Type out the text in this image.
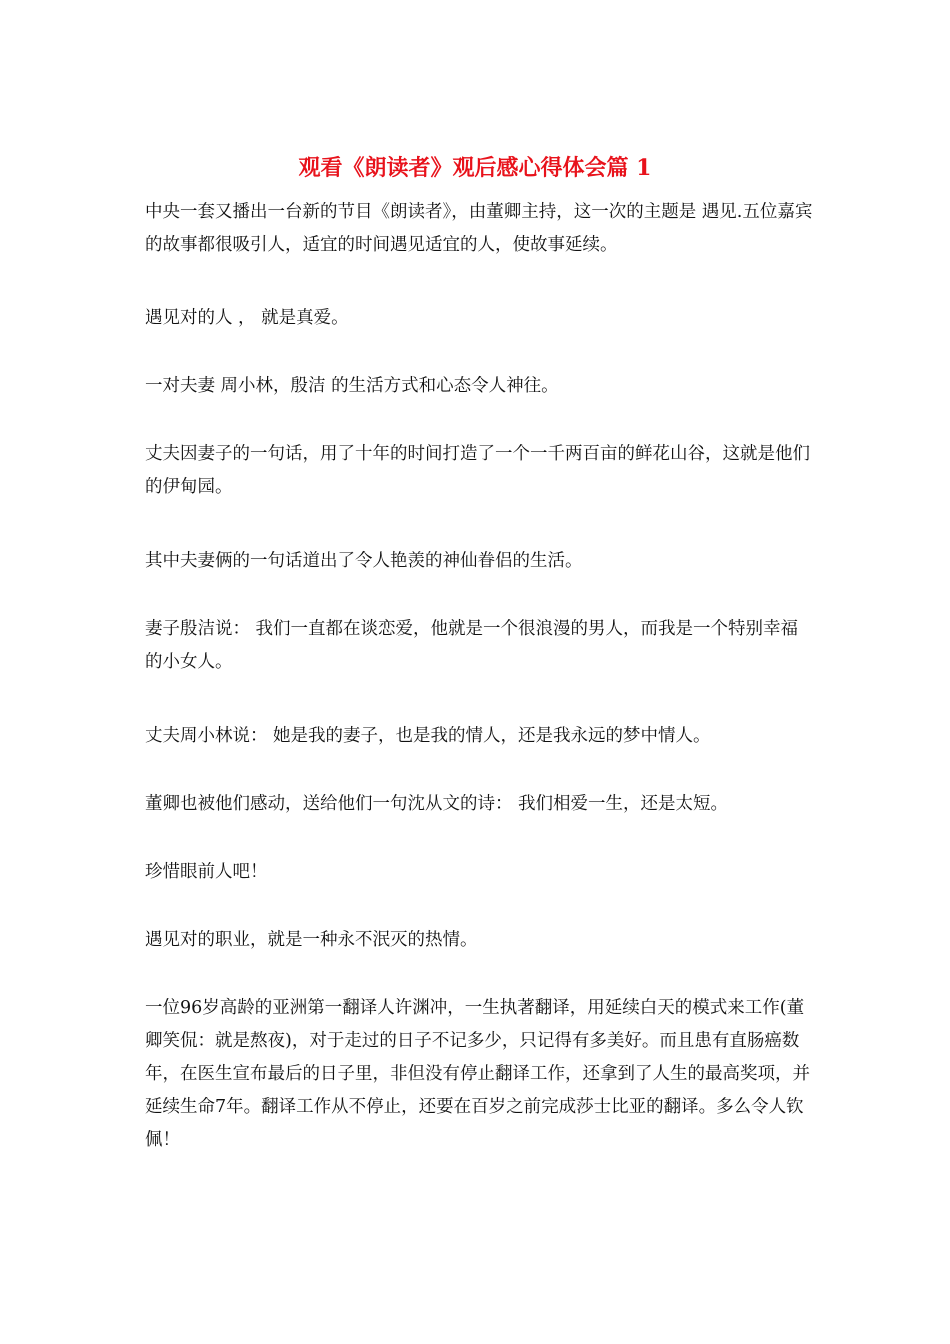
观看《朗读者》观后感心得体会篇 1

中央一套又播出一台新的节目《朗读者》，由董卿主持，这一次的主题是 遇见.五位嘉宾的故事都很吸引人，适宜的时间遇见适宜的人，使故事延续。

遇见对的人 ， 就是真爱。

一对夫妻 周小林，殷洁 的生活方式和心态令人神往。

丈夫因妻子的一句话，用了十年的时间打造了一个一千两百亩的鲜花山谷，这就是他们的伊甸园。

其中夫妻俩的一句话道出了令人艳羡的神仙眷侣的生活。

妻子殷洁说： 我们一直都在谈恋爱，他就是一个很浪漫的男人，而我是一个特别幸福的小女人。

丈夫周小林说： 她是我的妻子，也是我的情人，还是我永远的梦中情人。

董卿也被他们感动，送给他们一句沈从文的诗： 我们相爱一生，还是太短。

珍惜眼前人吧！

遇见对的职业，就是一种永不泯灭的热情。

一位96岁高龄的亚洲第一翻译人许渊冲，一生执著翻译，用延续白天的模式来工作(董卿笑侃：就是熬夜)，对于走过的日子不记多少，只记得有多美好。而且患有直肠癌数年，在医生宣布最后的日子里，非但没有停止翻译工作，还拿到了人生的最高奖项，并延续生命7年。翻译工作从不停止，还要在百岁之前完成莎士比亚的翻译。多么令人钦佩！
